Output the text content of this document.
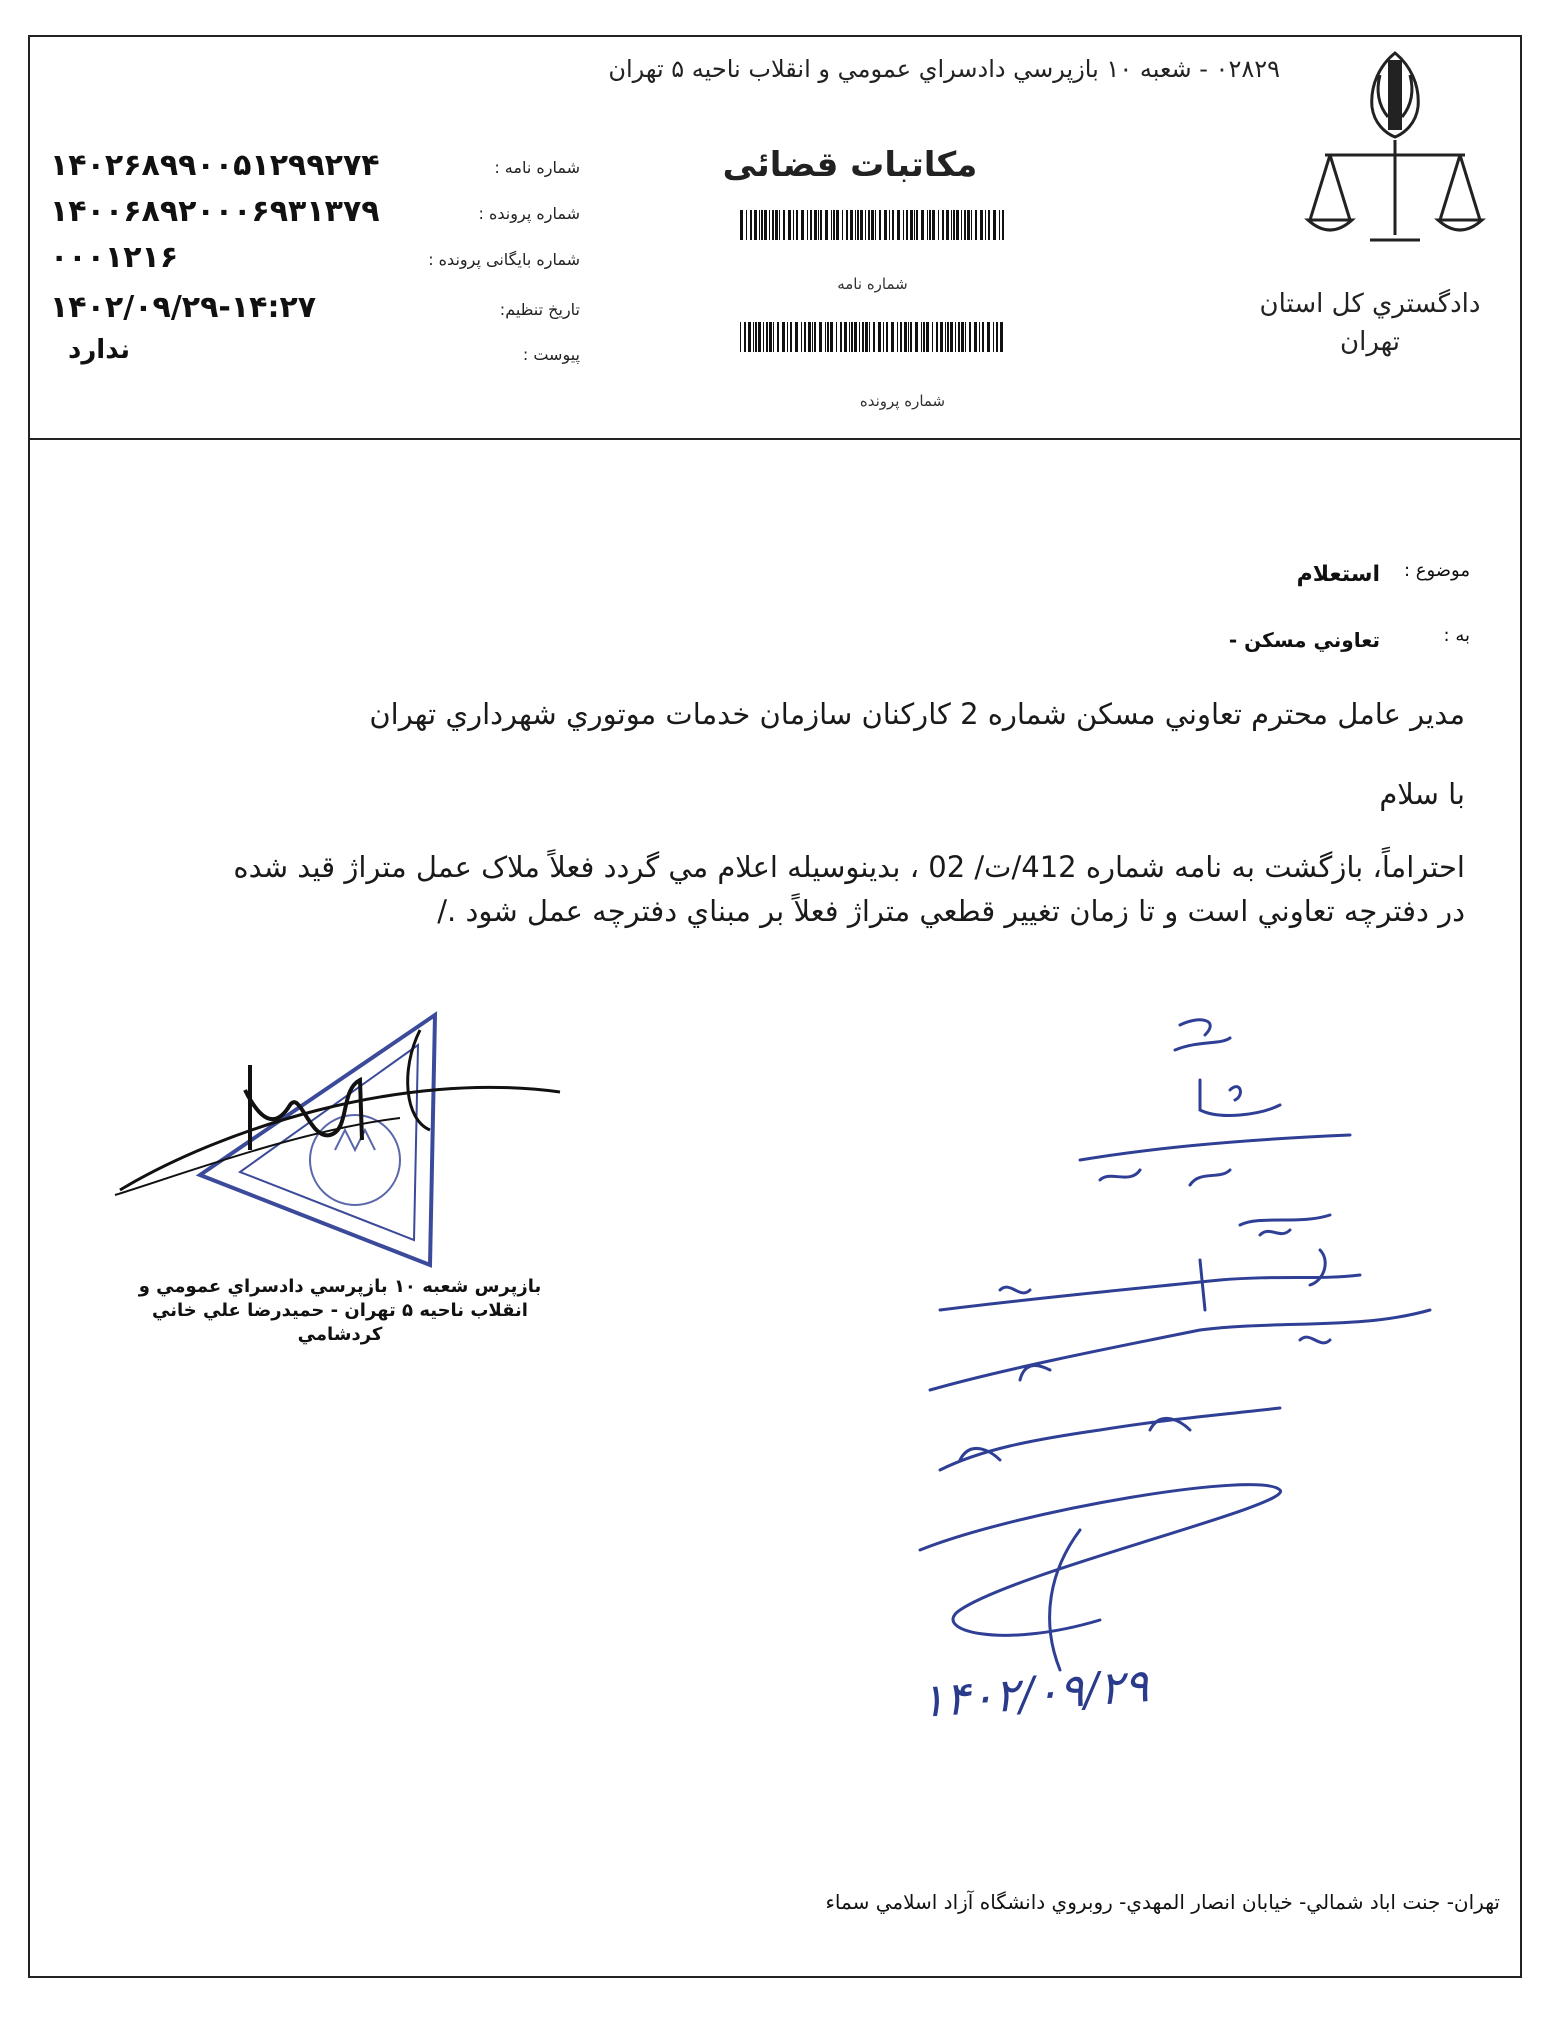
۰۲۸۲۹ - شعبه ۱۰ بازپرسي دادسراي عمومي و انقلاب ناحيه ۵ تهران
دادگستري كل استان
تهران
مكاتبات قضائى
شماره نامه
شماره پرونده
شماره نامه :
۱۴۰۲۶۸۹۹۰۰۵۱۲۹۹۲۷۴
شماره پرونده :
۱۴۰۰۶۸۹۲۰۰۰۶۹۳۱۳۷۹
شماره بايگانى پرونده :
۰۰۰۱۲۱۶
تاريخ تنظيم:
۱۴۰۲/۰۹/۲۹-۱۴:۲۷
پيوست :
ندارد
موضوع :
استعلام
به :
تعاوني مسكن -
مدير عامل محترم تعاوني مسكن شماره 2 كاركنان سازمان خدمات موتوري شهرداري تهران
با سلام
احتراماً، بازگشت به نامه شماره 412/ت/ 02 ، بدينوسيله اعلام مي گردد فعلاً ملاک عمل متراژ قيد شده
در دفترچه تعاوني است و تا زمان تغيير قطعي متراژ فعلاً بر مبناي دفترچه عمل شود ./
بازپرس شعبه ۱۰ بازپرسي دادسراي عمومي و
انقلاب ناحيه ۵ تهران - حميدرضا علي خاني
كردشامي
۱۴۰۲/۰۹/۲۹
تهران- جنت اباد شمالي- خيابان انصار المهدي- روبروي دانشگاه آزاد اسلامي سماء
